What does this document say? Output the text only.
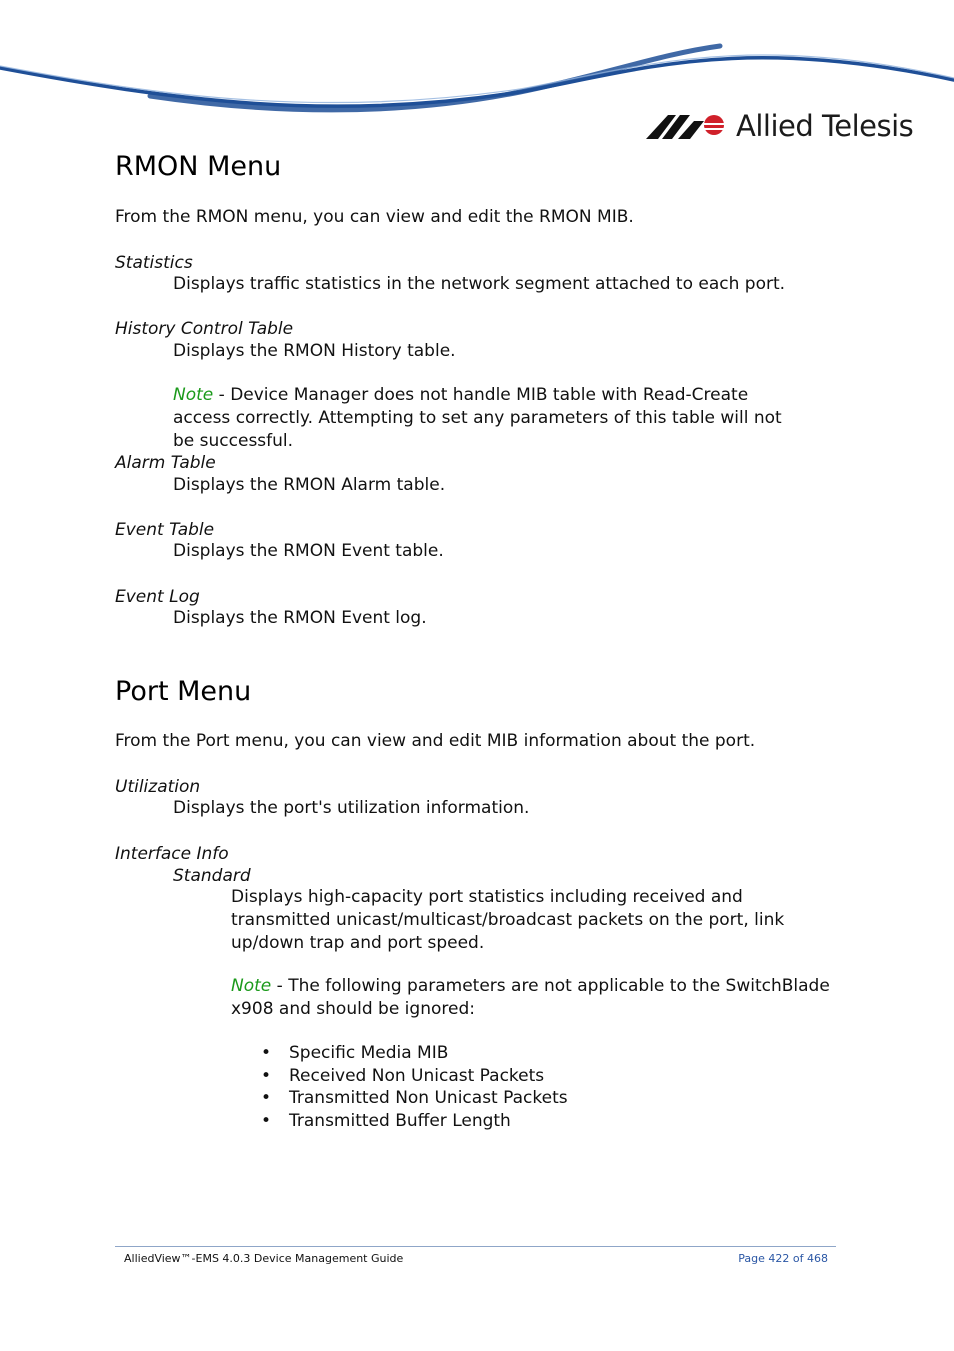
Allied Telesis
RMON Menu

From the RMON menu, you can view and edit the RMON MIB.

Statistics

Displays traffic statistics in the network segment attached to each port.

History Control Table

Displays the RMON History table.

Note - Device Manager does not handle MIB table with Read-Create access correctly. Attempting to set any parameters of this table will not be successful.

Alarm Table

Displays the RMON Alarm table.

Event Table

Displays the RMON Event table.

Event Log

Displays the RMON Event log.

Port Menu

From the Port menu, you can view and edit MIB information about the port.

Utilization

Displays the port's utilization information.

Interface Info

Standard

Displays high-capacity port statistics including received and transmitted unicast/multicast/broadcast packets on the port, link up/down trap and port speed.

Note - The following parameters are not applicable to the SwitchBlade x908 and should be ignored:

• Specific Media MIB
• Received Non Unicast Packets
• Transmitted Non Unicast Packets
• Transmitted Buffer Length

AlliedView™-EMS 4.0.3 Device Management Guide	Page 422 of 468
